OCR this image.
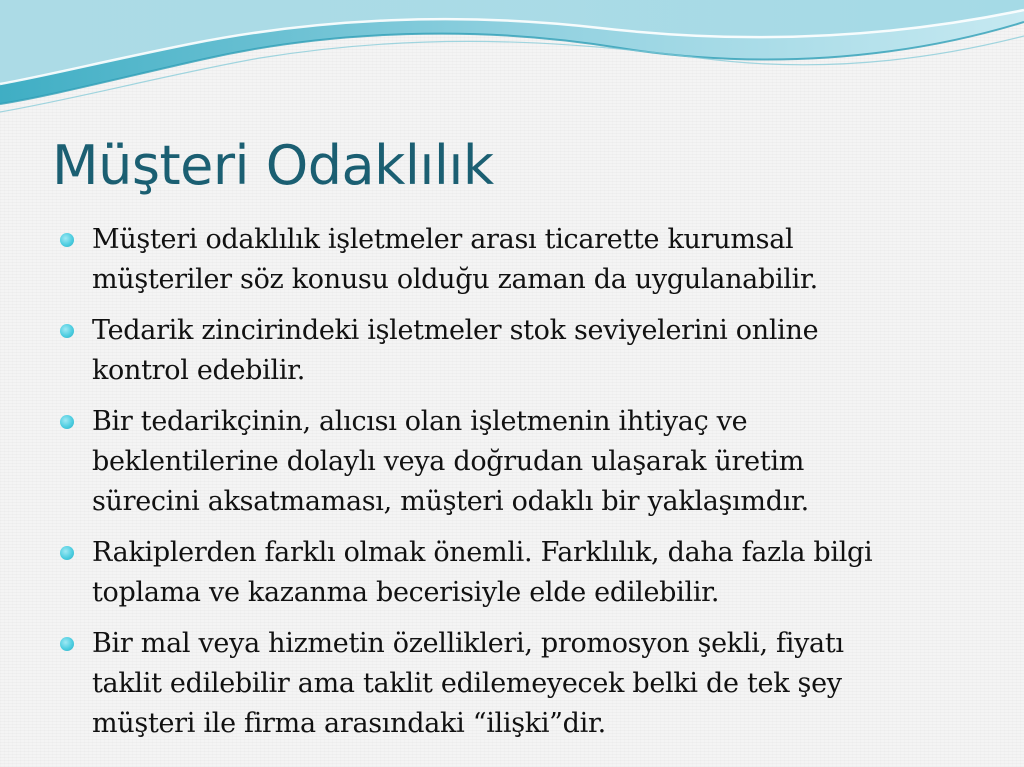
Müşteri Odaklılık
Müşteri odaklılık işletmeler arası ticarette kurumsal
müşteriler söz konusu olduğu zaman da uygulanabilir.
Tedarik zincirindeki işletmeler stok seviyelerini online
kontrol edebilir.
Bir tedarikçinin, alıcısı olan işletmenin ihtiyaç ve
beklentilerine dolaylı veya doğrudan ulaşarak üretim
sürecini aksatmaması, müşteri odaklı bir yaklaşımdır.
Rakiplerden farklı olmak önemli. Farklılık, daha fazla bilgi
toplama ve kazanma becerisiyle elde edilebilir.
Bir mal veya hizmetin özellikleri, promosyon şekli, fiyatı
taklit edilebilir ama taklit edilemeyecek belki de tek şey
müşteri ile firma arasındaki “ilişki”dir.
